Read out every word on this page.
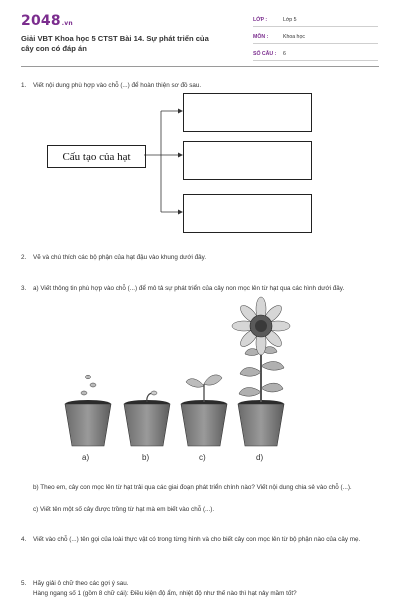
2048.vn
Giải VBT Khoa học 5 CTST Bài 14. Sự phát triển của cây con có đáp án
LỚP :	Lớp 5
MÔN :	Khoa học
SỐ CÂU :	6
1. Viết nội dung phù hợp vào chỗ (...) để hoàn thiện sơ đồ sau.
Cấu tạo của hạt
2. Vẽ và chú thích các bộ phận của hạt đậu vào khung dưới đây.
3. a) Viết thông tin phù hợp vào chỗ (...) để mô tả sự phát triển của cây non mọc lên từ hạt qua các hình dưới đây.
a)	b)	c)	d)
b) Theo em, cây con mọc lên từ hạt trải qua các giai đoạn phát triển chính nào? Viết nội dung chia sẻ vào chỗ (...).
c) Viết tên một số cây được trồng từ hạt mà em biết vào chỗ (...).
4. Viết vào chỗ (...) tên gọi của loài thực vật có trong từng hình và cho biết cây con mọc lên từ bộ phận nào của cây mẹ.
5. Hãy giải ô chữ theo các gợi ý sau.
Hàng ngang số 1 (gồm 8 chữ cái): Điều kiện độ ẩm, nhiệt độ như thế nào thì hạt nảy mầm tốt?
